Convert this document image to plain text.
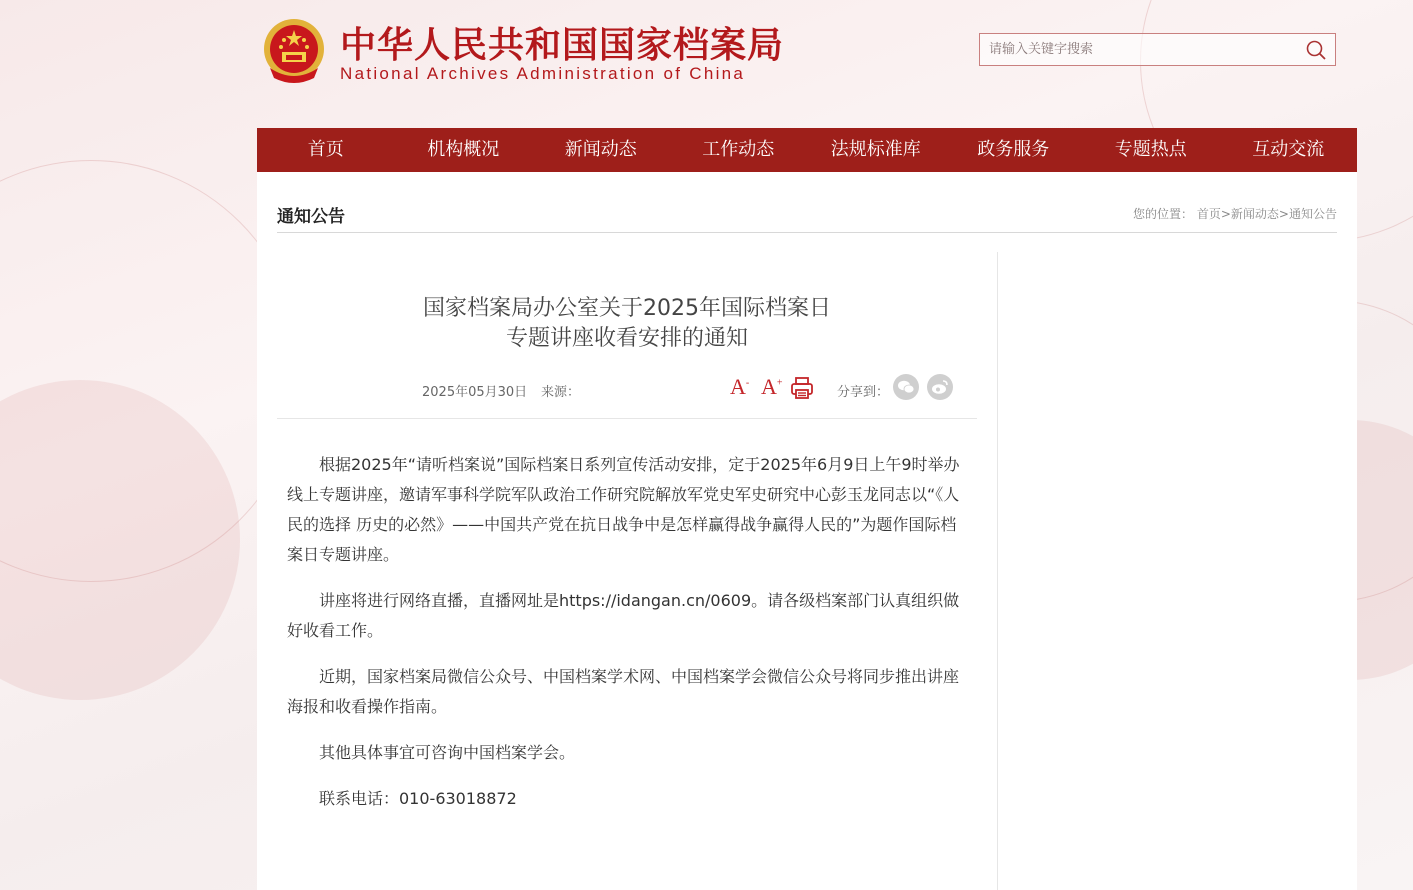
中华人民共和国国家档案局
National Archives Administration of China
请输入关键字搜索
首页	机构概况	新闻动态	工作动态	法规标准库	政务服务	专题热点	互动交流
通知公告	您的位置： 首页>新闻动态>通知公告
国家档案局办公室关于2025年国际档案日
专题讲座收看安排的通知
2025年05月30日 来源：	A- A+
分享到：

根据2025年“请听档案说”国际档案日系列宣传活动安排，定于2025年6月9日上午9时举办线上专题讲座，邀请军事科学院军队政治工作研究院解放军党史军史研究中心彭玉龙同志以“《人民的选择 历史的必然》——中国共产党在抗日战争中是怎样赢得战争赢得人民的”为题作国际档案日专题讲座。

讲座将进行网络直播，直播网址是https://idangan.cn/0609。请各级档案部门认真组织做好收看工作。

近期，国家档案局微信公众号、中国档案学术网、中国档案学会微信公众号将同步推出讲座海报和收看操作指南。

其他具体事宜可咨询中国档案学会。

联系电话：010-63018872
